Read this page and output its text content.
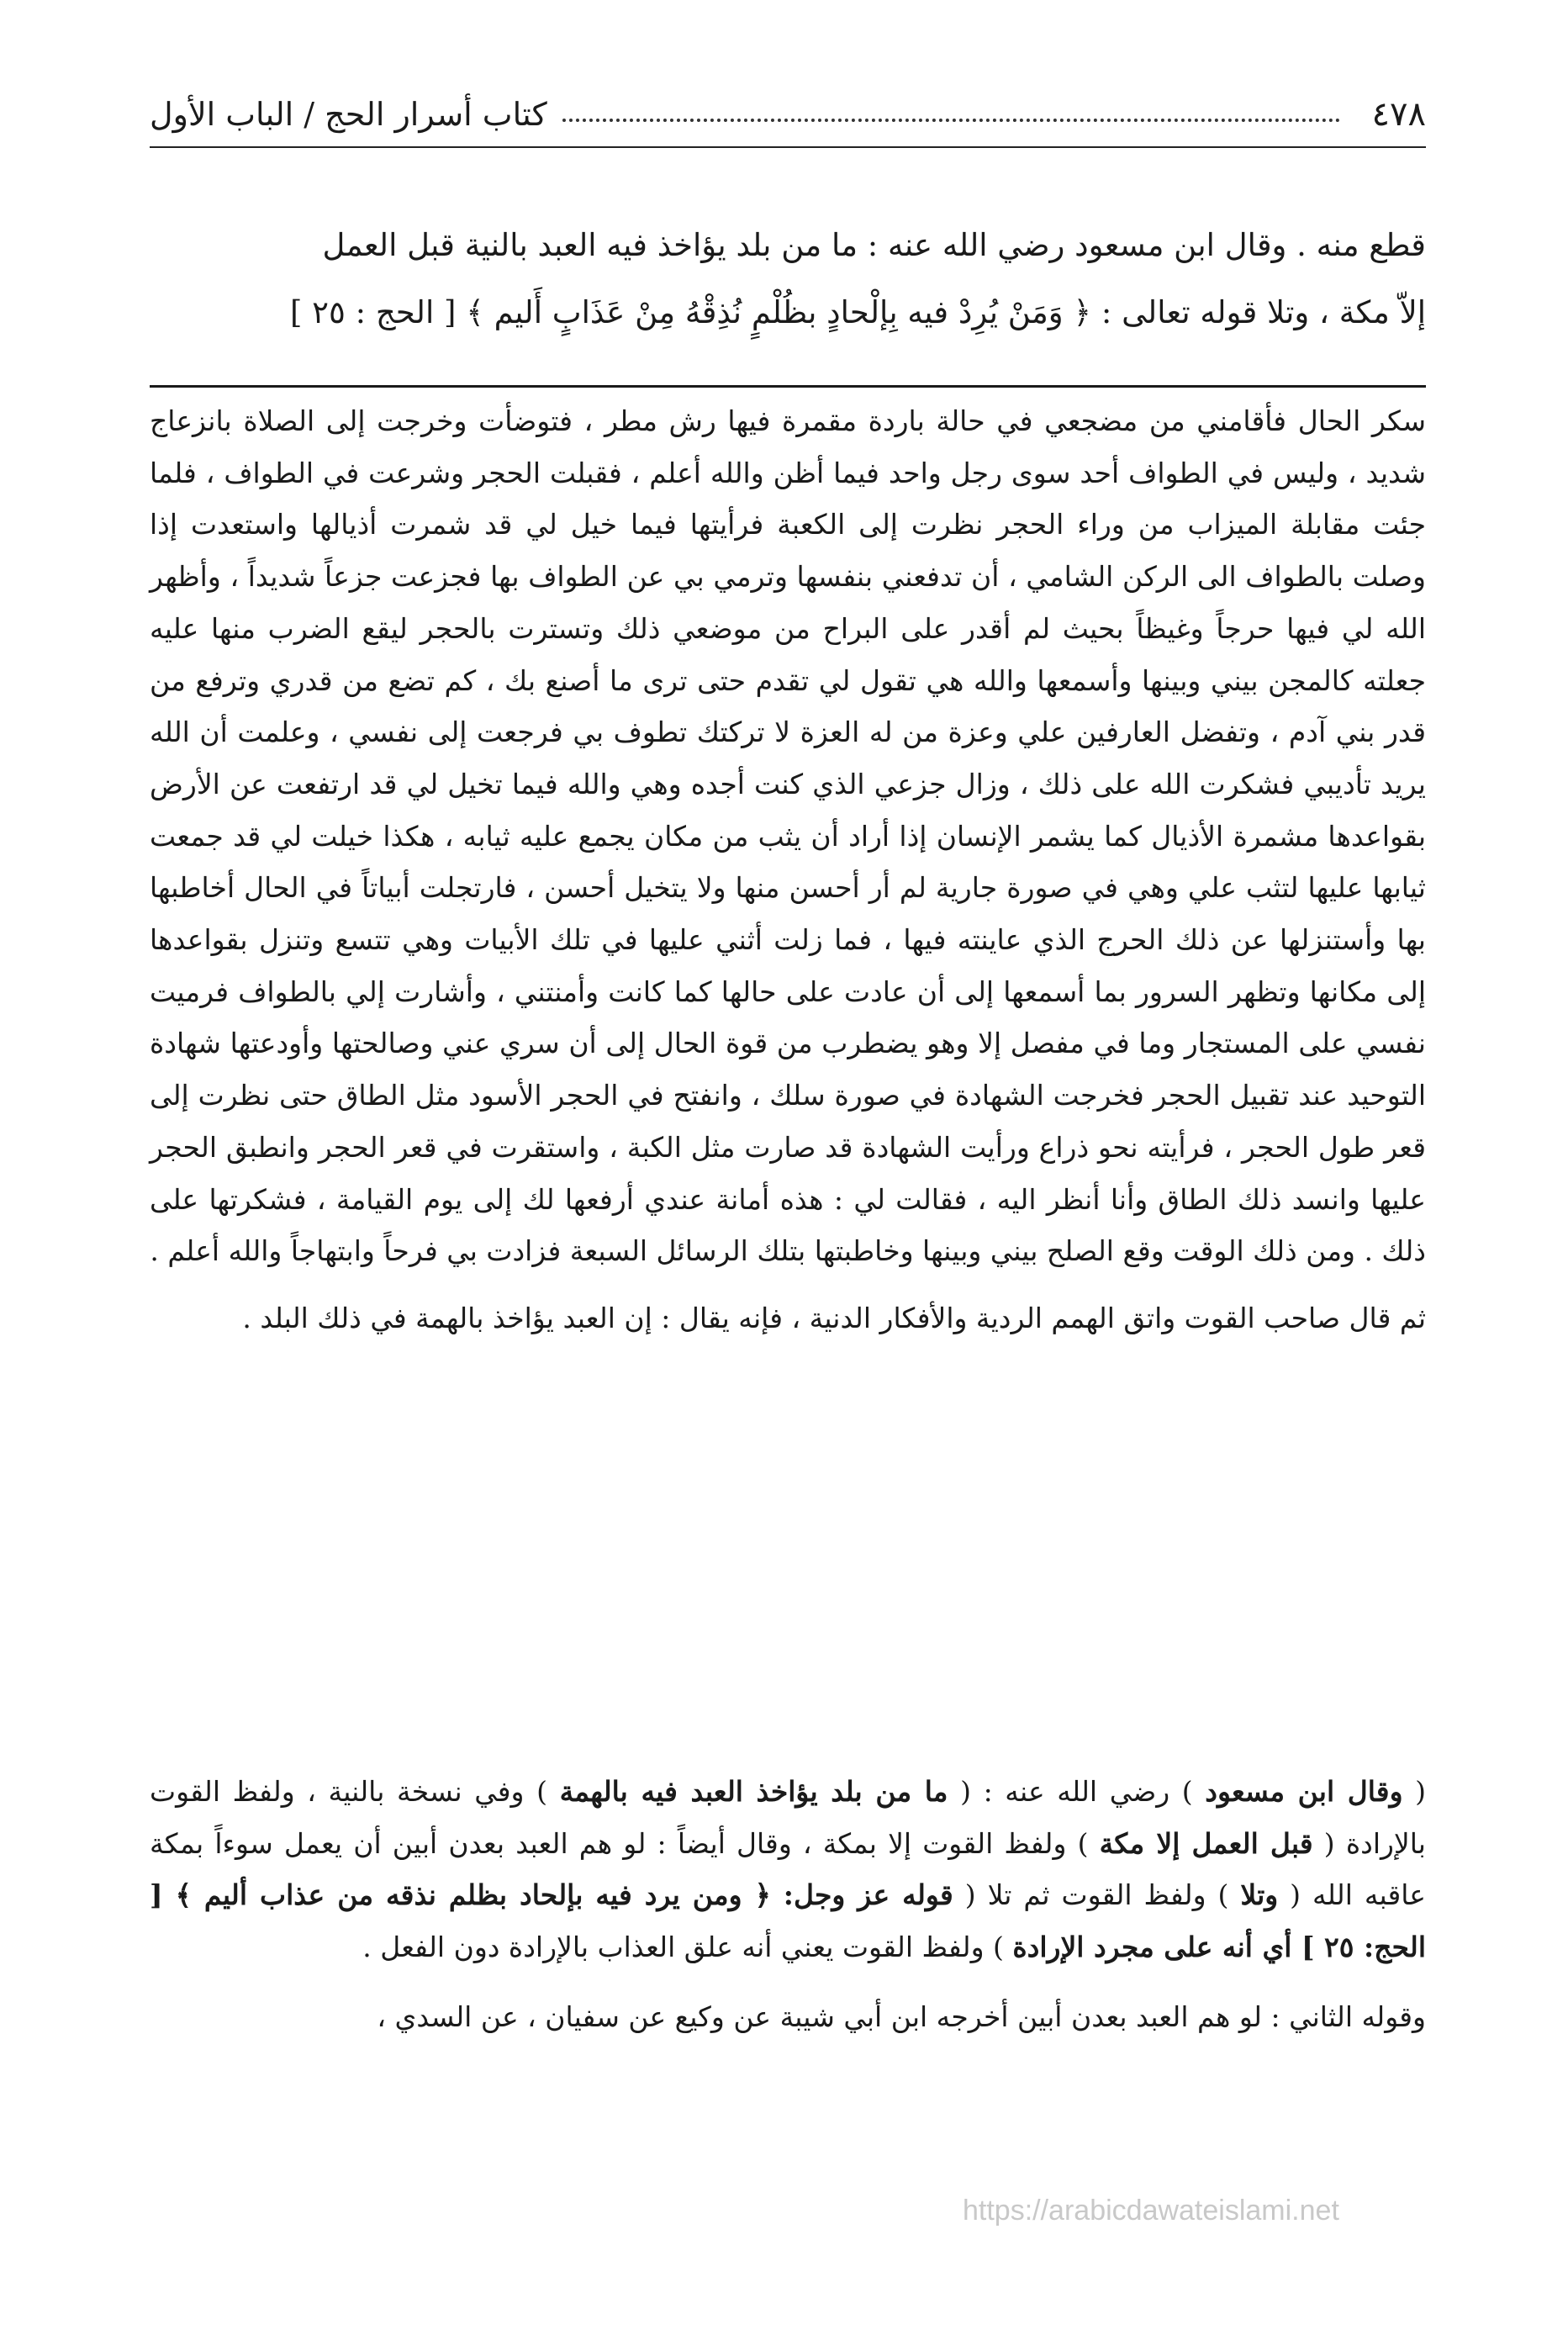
٤٧٨
كتاب أسرار الحج / الباب الأول

قطع منه . وقال ابن مسعود رضي الله عنه : ما من بلد يؤاخذ فيه العبد بالنية قبل العمل

إلاّ مكة ، وتلا قوله تعالى : ﴿ وَمَنْ يُرِدْ فيه بِإلْحادٍ بظُلْمٍ نُذِقْهُ مِنْ عَذَابٍ أَليم ﴾ [ الحج : ٢٥ ]

سكر الحال فأقامني من مضجعي في حالة باردة مقمرة فيها رش مطر ، فتوضأت وخرجت إلى الصلاة بانزعاج شديد ، وليس في الطواف أحد سوى رجل واحد فيما أظن والله أعلم ، فقبلت الحجر وشرعت في الطواف ، فلما جئت مقابلة الميزاب من وراء الحجر نظرت إلى الكعبة فرأيتها فيما خيل لي قد شمرت أذيالها واستعدت إذا وصلت بالطواف الى الركن الشامي ، أن تدفعني بنفسها وترمي بي عن الطواف بها فجزعت جزعاً شديداً ، وأظهر الله لي فيها حرجاً وغيظاً بحيث لم أقدر على البراح من موضعي ذلك وتسترت بالحجر ليقع الضرب منها عليه جعلته كالمجن بيني وبينها وأسمعها والله هي تقول لي تقدم حتى ترى ما أصنع بك ، كم تضع من قدري وترفع من قدر بني آدم ، وتفضل العارفين علي وعزة من له العزة لا تركتك تطوف بي فرجعت إلى نفسي ، وعلمت أن الله يريد تأديبي فشكرت الله على ذلك ، وزال جزعي الذي كنت أجده وهي والله فيما تخيل لي قد ارتفعت عن الأرض بقواعدها مشمرة الأذيال كما يشمر الإنسان إذا أراد أن يثب من مكان يجمع عليه ثيابه ، هكذا خيلت لي قد جمعت ثيابها عليها لتثب علي وهي في صورة جارية لم أر أحسن منها ولا يتخيل أحسن ، فارتجلت أبياتاً في الحال أخاطبها بها وأستنزلها عن ذلك الحرج الذي عاينته فيها ، فما زلت أثني عليها في تلك الأبيات وهي تتسع وتنزل بقواعدها إلى مكانها وتظهر السرور بما أسمعها إلى أن عادت على حالها كما كانت وأمنتني ، وأشارت إلي بالطواف فرميت نفسي على المستجار وما في مفصل إلا وهو يضطرب من قوة الحال إلى أن سري عني وصالحتها وأودعتها شهادة التوحيد عند تقبيل الحجر فخرجت الشهادة في صورة سلك ، وانفتح في الحجر الأسود مثل الطاق حتى نظرت إلى قعر طول الحجر ، فرأيته نحو ذراع ورأيت الشهادة قد صارت مثل الكبة ، واستقرت في قعر الحجر وانطبق الحجر عليها وانسد ذلك الطاق وأنا أنظر اليه ، فقالت لي : هذه أمانة عندي أرفعها لك إلى يوم القيامة ، فشكرتها على ذلك . ومن ذلك الوقت وقع الصلح بيني وبينها وخاطبتها بتلك الرسائل السبعة فزادت بي فرحاً وابتهاجاً والله أعلم .

ثم قال صاحب القوت واتق الهمم الردية والأفكار الدنية ، فإنه يقال : إن العبد يؤاخذ بالهمة في ذلك البلد .

( وقال ابن مسعود ) رضي الله عنه : ( ما من بلد يؤاخذ العبد فيه بالهمة ) وفي نسخة بالنية ، ولفظ القوت بالإرادة ( قبل العمل إلا مكة ) ولفظ القوت إلا بمكة ، وقال أيضاً : لو هم العبد بعدن أبين أن يعمل سوءاً بمكة عاقبه الله ( وتلا ) ولفظ القوت ثم تلا ( قوله عز وجل: ﴿ ومن يرد فيه بإلحاد بظلم نذقه من عذاب أليم ﴾ [ الحج: ٢٥ ] أي أنه على مجرد الإرادة ) ولفظ القوت يعني أنه علق العذاب بالإرادة دون الفعل .

وقوله الثاني : لو هم العبد بعدن أبين أخرجه ابن أبي شيبة عن وكيع عن سفيان ، عن السدي ،

https://arabicdawateislami.net
